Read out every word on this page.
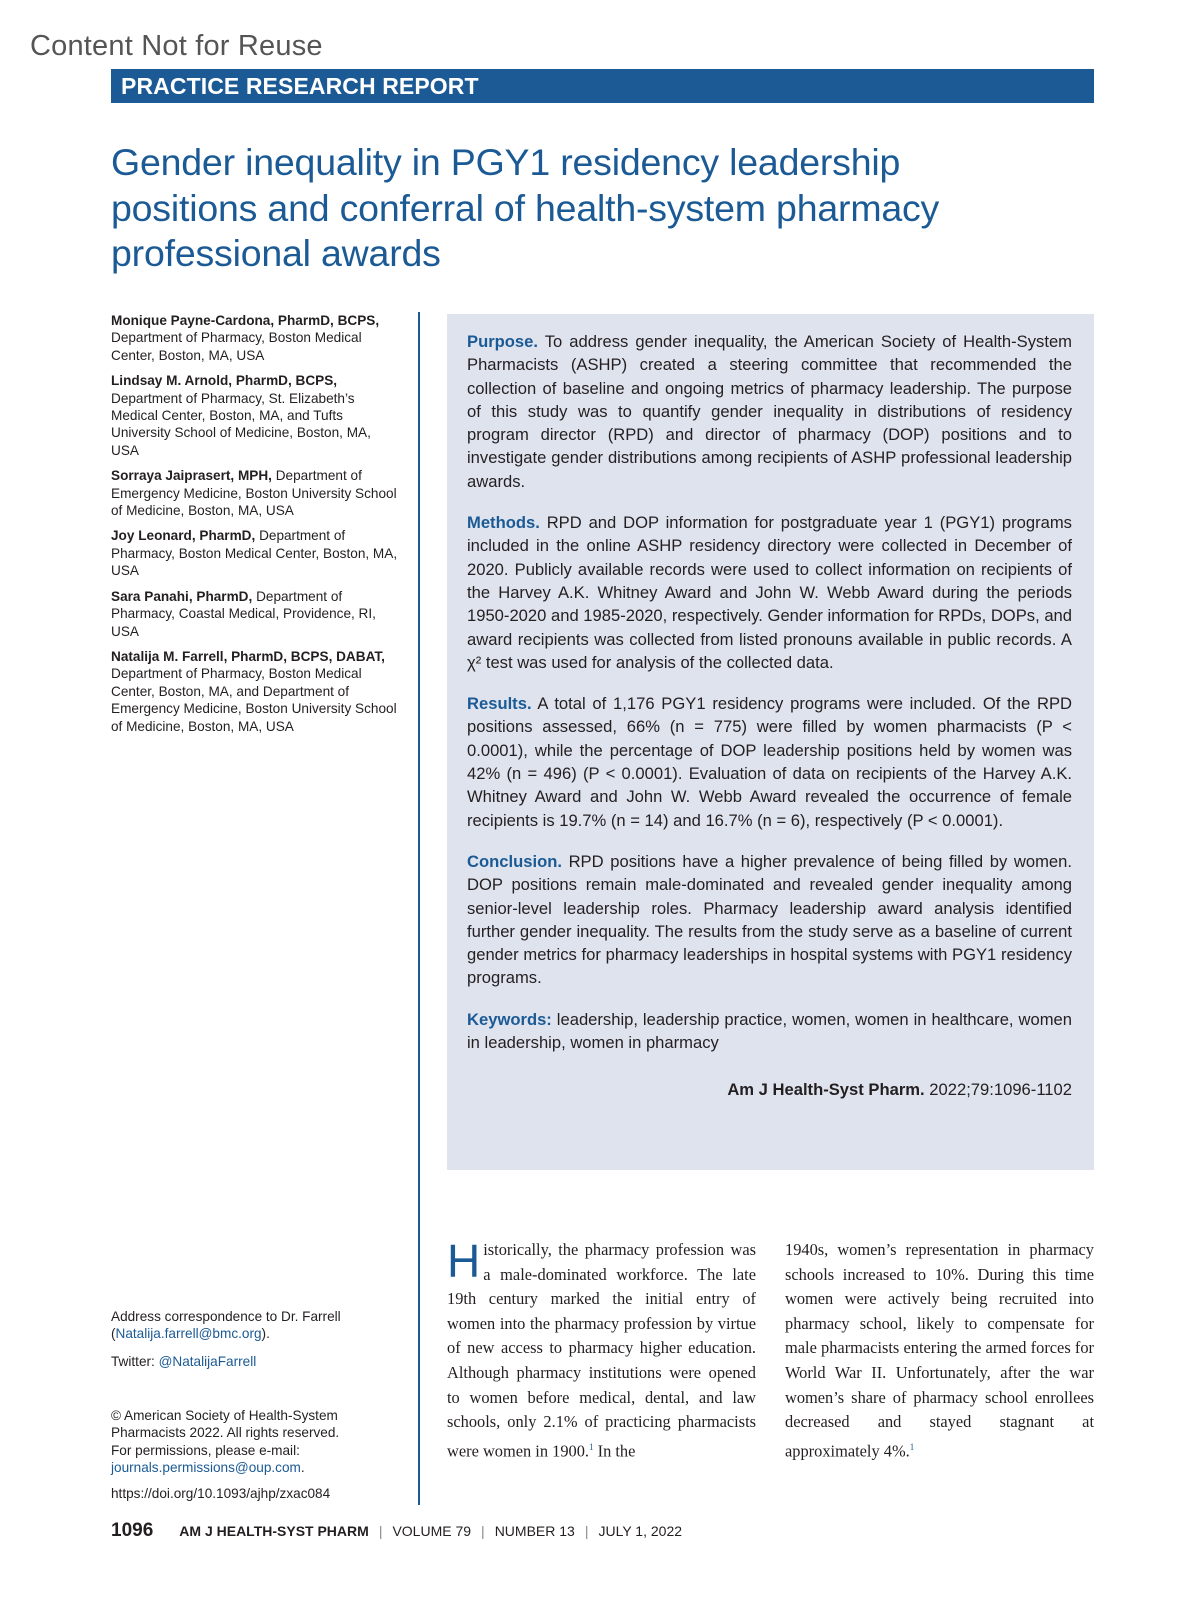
Content Not for Reuse
PRACTICE RESEARCH REPORT
Gender inequality in PGY1 residency leadership positions and conferral of health-system pharmacy professional awards
Monique Payne-Cardona, PharmD, BCPS, Department of Pharmacy, Boston Medical Center, Boston, MA, USA
Lindsay M. Arnold, PharmD, BCPS, Department of Pharmacy, St. Elizabeth’s Medical Center, Boston, MA, and Tufts University School of Medicine, Boston, MA, USA
Sorraya Jaiprasert, MPH, Department of Emergency Medicine, Boston University School of Medicine, Boston, MA, USA
Joy Leonard, PharmD, Department of Pharmacy, Boston Medical Center, Boston, MA, USA
Sara Panahi, PharmD, Department of Pharmacy, Coastal Medical, Providence, RI, USA
Natalija M. Farrell, PharmD, BCPS, DABAT, Department of Pharmacy, Boston Medical Center, Boston, MA, and Department of Emergency Medicine, Boston University School of Medicine, Boston, MA, USA

Purpose. To address gender inequality, the American Society of Health-System Pharmacists (ASHP) created a steering committee that recommended the collection of baseline and ongoing metrics of pharmacy leadership. The purpose of this study was to quantify gender inequality in distributions of residency program director (RPD) and director of pharmacy (DOP) positions and to investigate gender distributions among recipients of ASHP professional leadership awards.

Methods. RPD and DOP information for postgraduate year 1 (PGY1) programs included in the online ASHP residency directory were collected in December of 2020. Publicly available records were used to collect information on recipients of the Harvey A.K. Whitney Award and John W. Webb Award during the periods 1950-2020 and 1985-2020, respectively. Gender information for RPDs, DOPs, and award recipients was collected from listed pronouns available in public records. A χ² test was used for analysis of the collected data.

Results. A total of 1,176 PGY1 residency programs were included. Of the RPD positions assessed, 66% (n = 775) were filled by women pharmacists (P < 0.0001), while the percentage of DOP leadership positions held by women was 42% (n = 496) (P < 0.0001). Evaluation of data on recipients of the Harvey A.K. Whitney Award and John W. Webb Award revealed the occurrence of female recipients is 19.7% (n = 14) and 16.7% (n = 6), respectively (P < 0.0001).

Conclusion. RPD positions have a higher prevalence of being filled by women. DOP positions remain male-dominated and revealed gender inequality among senior-level leadership roles. Pharmacy leadership award analysis identified further gender inequality. The results from the study serve as a baseline of current gender metrics for pharmacy leaderships in hospital systems with PGY1 residency programs.

Keywords: leadership, leadership practice, women, women in healthcare, women in leadership, women in pharmacy

Am J Health-Syst Pharm. 2022;79:1096-1102

Address correspondence to Dr. Farrell (Natalija.farrell@bmc.org).

Twitter: @NatalijaFarrell

© American Society of Health-System Pharmacists 2022. All rights reserved.
For permissions, please e-mail: journals.permissions@oup.com.

https://doi.org/10.1093/ajhp/zxac084

Historically, the pharmacy profession was a male-dominated workforce. The late 19th century marked the initial entry of women into the pharmacy profession by virtue of new access to pharmacy higher education. Although pharmacy institutions were opened to women before medical, dental, and law schools, only 2.1% of practicing pharmacists were women in 1900.$^1$ In the

1940s, women’s representation in pharmacy schools increased to 10%. During this time women were actively being recruited into pharmacy school, likely to compensate for male pharmacists entering the armed forces for World War II. Unfortunately, after the war women’s share of pharmacy school enrollees decreased and stayed stagnant at approximately 4%.$^1$

1096 AM J HEALTH-SYST PHARM | VOLUME 79 | NUMBER 13 | JULY 1, 2022
